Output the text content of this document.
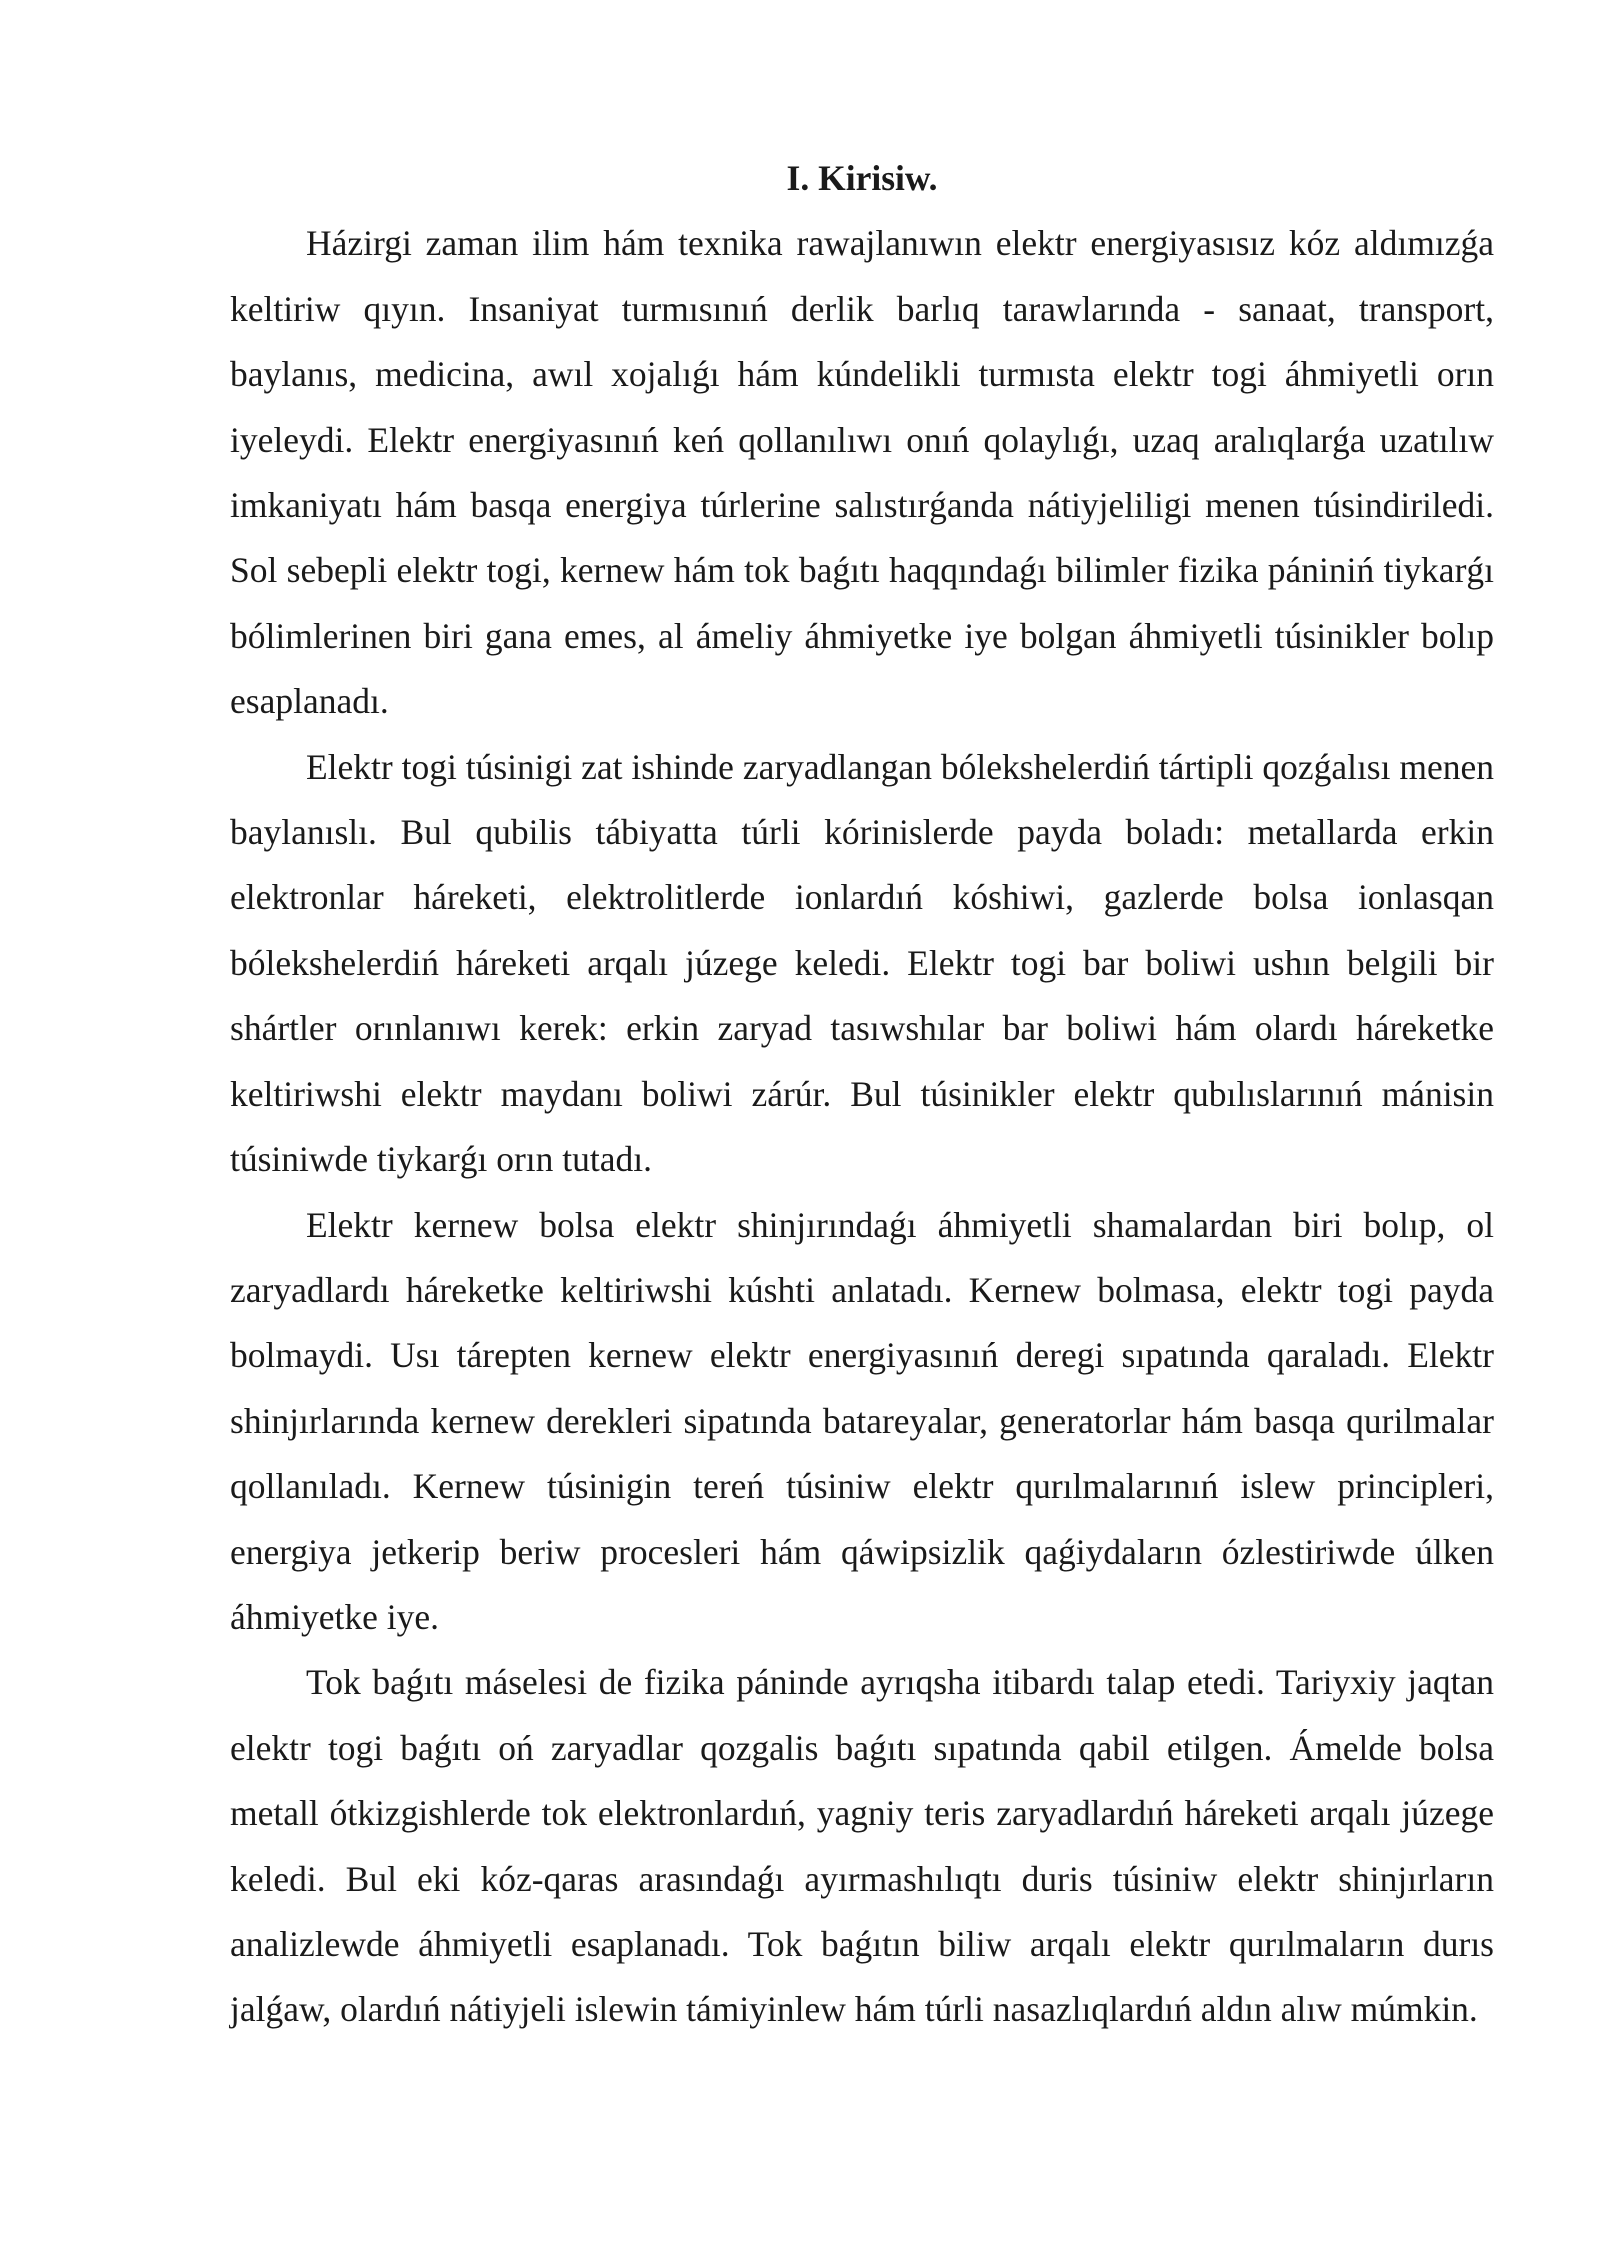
I. Kirisiw.

Házirgi zaman ilim hám texnika rawajlanıwın elektr energiyasısız kóz aldımızǵa keltiriw qıyın. Insaniyat turmısınıń derlik barlıq tarawlarında - sanaat, transport, baylanıs, medicina, awıl xojalıǵı hám kúndelikli turmısta elektr togi áhmiyetli orın iyeleydi. Elektr energiyasınıń keń qollanılıwı onıń qolaylıǵı, uzaq aralıqlarǵa uzatılıw imkaniyatı hám basqa energiya túrlerine salıstırǵanda nátiyjeliligi menen túsindiriledi. Sol sebepli elektr togi, kernew hám tok baǵıtı haqqındaǵı bilimler fizika pániniń tiykarǵı bólimlerinen biri gana emes, al ámeliy áhmiyetke iye bolgan áhmiyetli túsinikler bolıp esaplanadı.

Elektr togi túsinigi zat ishinde zaryadlangan bólekshelerdiń tártipli qozǵalısı menen baylanıslı. Bul qubilis tábiyatta túrli kórinislerde payda boladı: metallarda erkin elektronlar háreketi, elektrolitlerde ionlardıń kóshiwi, gazlerde bolsa ionlasqan bólekshelerdiń háreketi arqalı júzege keledi. Elektr togi bar boliwi ushın belgili bir shártler orınlanıwı kerek: erkin zaryad tasıwshılar bar boliwi hám olardı háreketke keltiriwshi elektr maydanı boliwi zárúr. Bul túsinikler elektr qubılıslarınıń mánisin túsiniwde tiykarǵı orın tutadı.

Elektr kernew bolsa elektr shinjırındaǵı áhmiyetli shamalardan biri bolıp, ol zaryadlardı háreketke keltiriwshi kúshti anlatadı. Kernew bolmasa, elektr togi payda bolmaydi. Usı tárepten kernew elektr energiyasınıń deregi sıpatında qaraladı. Elektr shinjırlarında kernew derekleri sipatında batareyalar, generatorlar hám basqa qurilmalar qollanıladı. Kernew túsinigin tereń túsiniw elektr qurılmalarınıń islew principleri, energiya jetkerip beriw procesleri hám qáwipsizlik qaǵiydaların ózlestiriwde úlken áhmiyetke iye.

Tok baǵıtı máselesi de fizika páninde ayrıqsha itibardı talap etedi. Tariyxiy jaqtan elektr togi baǵıtı oń zaryadlar qozgalis baǵıtı sıpatında qabil etilgen. Ámelde bolsa metall ótkizgishlerde tok elektronlardıń, yagniy teris zaryadlardıń háreketi arqalı júzege keledi. Bul eki kóz-qaras arasındaǵı ayırmashılıqtı duris túsiniw elektr shinjırların analizlewde áhmiyetli esaplanadı. Tok baǵıtın biliw arqalı elektr qurılmaların durıs jalǵaw, olardıń nátiyjeli islewin támiyinlew hám túrli nasazlıqlardıń aldın alıw múmkin.
